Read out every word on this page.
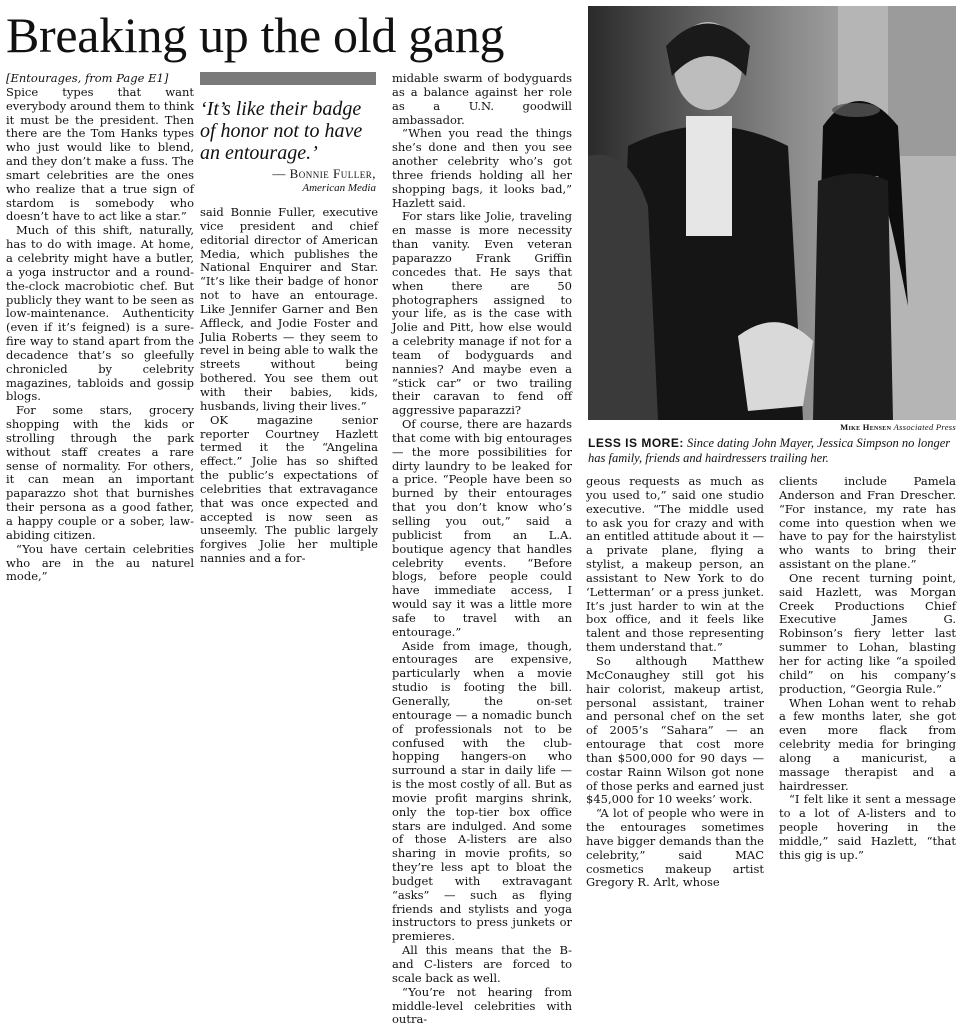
Breaking up the old gang

[Entourages, from Page E1]

Spice types that want everybody around them to think it must be the president. Then there are the Tom Hanks types who just would like to blend, and they don’t make a fuss. The smart celebrities are the ones who realize that a true sign of stardom is somebody who doesn’t have to act like a star.”

Much of this shift, naturally, has to do with image. At home, a celebrity might have a butler, a yoga instructor and a round-the-clock macrobiotic chef. But publicly they want to be seen as low-maintenance. Authenticity (even if it’s feigned) is a sure-fire way to stand apart from the decadence that’s so gleefully chronicled by celebrity magazines, tabloids and gossip blogs.

For some stars, grocery shopping with the kids or strolling through the park without staff creates a rare sense of normality. For others, it can mean an important paparazzo shot that burnishes their persona as a good father, a happy couple or a sober, law-abiding citizen.

“You have certain celebrities who are in the au naturel mode,”

‘It’s like their badge of honor not to have an entourage.’
— Bonnie Fuller,
American Media

said Bonnie Fuller, executive vice president and chief editorial director of American Media, which publishes the National Enquirer and Star. “It’s like their badge of honor not to have an entourage. Like Jennifer Garner and Ben Affleck, and Jodie Foster and Julia Roberts — they seem to revel in being able to walk the streets without being bothered. You see them out with their babies, kids, husbands, living their lives.”

OK magazine senior reporter Courtney Hazlett termed it the “Angelina effect.” Jolie has so shifted the public’s expectations of celebrities that extravagance that was once expected and accepted is now seen as unseemly. The public largely forgives Jolie her multiple nannies and a for-

midable swarm of bodyguards as a balance against her role as a U.N. goodwill ambassador.

“When you read the things she’s done and then you see another celebrity who’s got three friends holding all her shopping bags, it looks bad,” Hazlett said.

For stars like Jolie, traveling en masse is more necessity than vanity. Even veteran paparazzo Frank Griffin concedes that. He says that when there are 50 photographers assigned to your life, as is the case with Jolie and Pitt, how else would a celebrity manage if not for a team of bodyguards and nannies? And maybe even a “stick car” or two trailing their caravan to fend off aggressive paparazzi?

Of course, there are hazards that come with big entourages — the more possibilities for dirty laundry to be leaked for a price. “People have been so burned by their entourages that you don’t know who’s selling you out,” said a publicist from an L.A. boutique agency that handles celebrity events. “Before blogs, before people could have immediate access, I would say it was a little more safe to travel with an entourage.”

Aside from image, though, entourages are expensive, particularly when a movie studio is footing the bill. Generally, the on-set entourage — a nomadic bunch of professionals not to be confused with the club-hopping hangers-on who surround a star in daily life — is the most costly of all. But as movie profit margins shrink, only the top-tier box office stars are indulged. And some of those A-listers are also sharing in movie profits, so they’re less apt to bloat the budget with extravagant “asks” — such as flying friends and stylists and yoga instructors to press junkets or premieres.

All this means that the B- and C-listers are forced to scale back as well.

“You’re not hearing from middle-level celebrities with outra-

Mike Hensen Associated Press
LESS IS MORE: Since dating John Mayer, Jessica Simpson no longer has family, friends and hairdressers trailing her.

geous requests as much as you used to,” said one studio executive. “The middle used to ask you for crazy and with an entitled attitude about it — a private plane, flying a stylist, a makeup person, an assistant to New York to do ‘Letterman’ or a press junket. It’s just harder to win at the box office, and it feels like talent and those representing them understand that.”

So although Matthew McConaughey still got his hair colorist, makeup artist, personal assistant, trainer and personal chef on the set of 2005’s “Sahara” — an entourage that cost more than $500,000 for 90 days — costar Rainn Wilson got none of those perks and earned just $45,000 for 10 weeks’ work.

“A lot of people who were in the entourages sometimes have bigger demands than the celebrity,” said MAC cosmetics makeup artist Gregory R. Arlt, whose

clients include Pamela Anderson and Fran Drescher. “For instance, my rate has come into question when we have to pay for the hairstylist who wants to bring their assistant on the plane.”

One recent turning point, said Hazlett, was Morgan Creek Productions Chief Executive James G. Robinson’s fiery letter last summer to Lohan, blasting her for acting like “a spoiled child” on his company’s production, “Georgia Rule.”

When Lohan went to rehab a few months later, she got even more flack from celebrity media for bringing along a manicurist, a massage therapist and a hairdresser.

“I felt like it sent a message to a lot of A-listers and to people hovering in the middle,” said Hazlett, “that this gig is up.”
